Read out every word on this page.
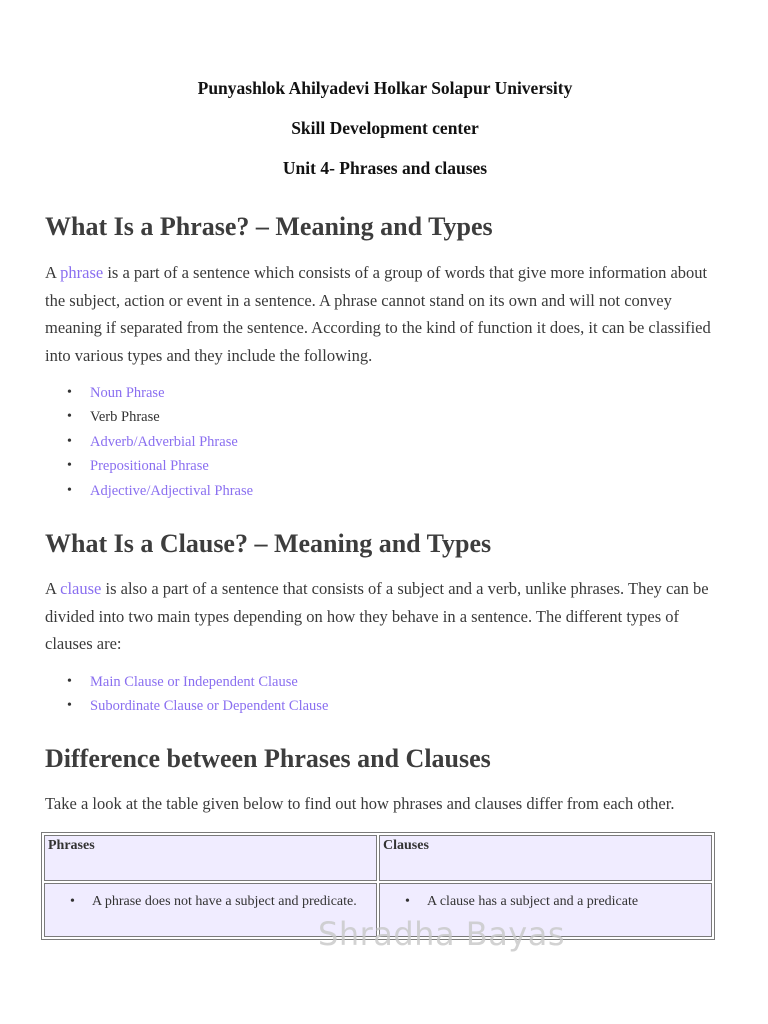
Punyashlok Ahilyadevi Holkar Solapur University
Skill Development center
Unit 4- Phrases and clauses
What Is a Phrase? – Meaning and Types

A phrase is a part of a sentence which consists of a group of words that give more information about the subject, action or event in a sentence. A phrase cannot stand on its own and will not convey meaning if separated from the sentence. According to the kind of function it does, it can be classified into various types and they include the following.

• Noun Phrase
• Verb Phrase
• Adverb/Adverbial Phrase
• Prepositional Phrase
• Adjective/Adjectival Phrase
What Is a Clause? – Meaning and Types

A clause is also a part of a sentence that consists of a subject and a verb, unlike phrases. They can be divided into two main types depending on how they behave in a sentence. The different types of clauses are:

• Main Clause or Independent Clause
• Subordinate Clause or Dependent Clause
Difference between Phrases and Clauses

Take a look at the table given below to find out how phrases and clauses differ from each other.

Phrases	Clauses

• A phrase does not have a subject and predicate.	• A clause has a subject and a predicate
Shradha Bayas
